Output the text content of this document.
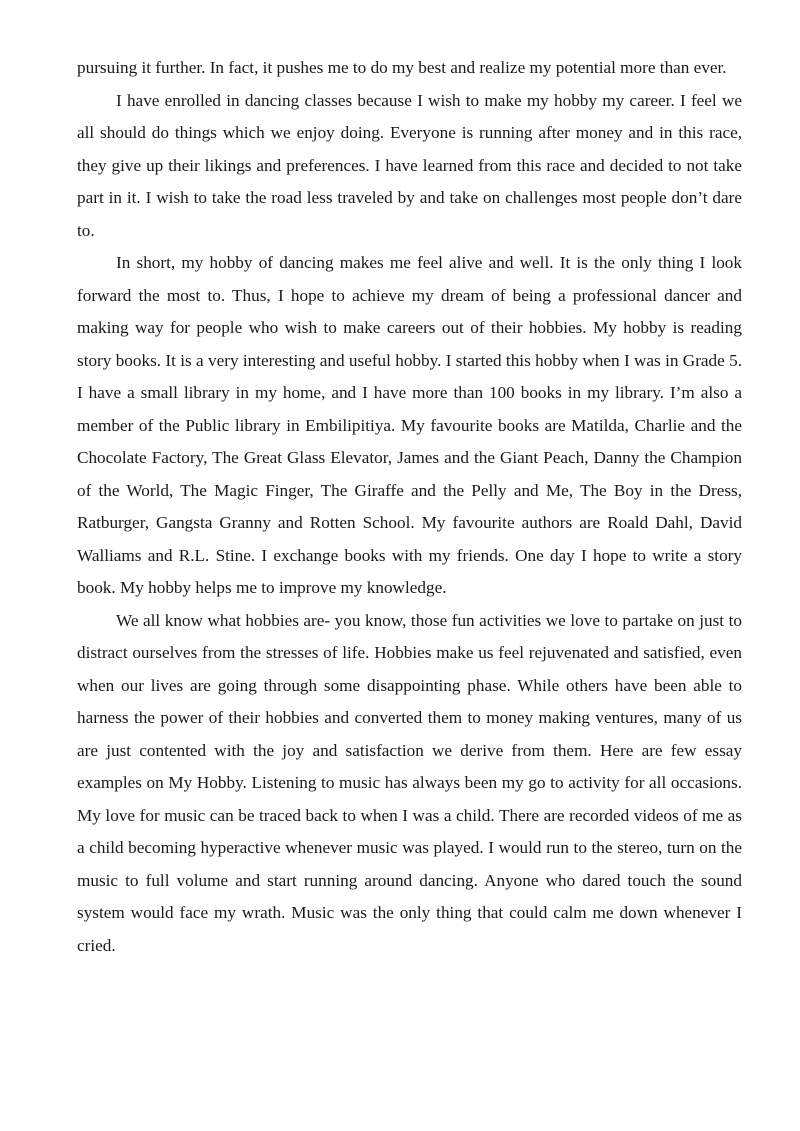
pursuing it further. In fact, it pushes me to do my best and realize my potential more than ever.

I have enrolled in dancing classes because I wish to make my hobby my career. I feel we all should do things which we enjoy doing. Everyone is running after money and in this race, they give up their likings and preferences. I have learned from this race and decided to not take part in it. I wish to take the road less traveled by and take on challenges most people don’t dare to.

In short, my hobby of dancing makes me feel alive and well. It is the only thing I look forward the most to. Thus, I hope to achieve my dream of being a professional dancer and making way for people who wish to make careers out of their hobbies. My hobby is reading story books. It is a very interesting and useful hobby. I started this hobby when I was in Grade 5. I have a small library in my home, and I have more than 100 books in my library. I’m also a member of the Public library in Embilipitiya. My favourite books are Matilda, Charlie and the Chocolate Factory, The Great Glass Elevator, James and the Giant Peach, Danny the Champion of the World, The Magic Finger, The Giraffe and the Pelly and Me, The Boy in the Dress, Ratburger, Gangsta Granny and Rotten School. My favourite authors are Roald Dahl, David Walliams and R.L. Stine. I exchange books with my friends. One day I hope to write a story book. My hobby helps me to improve my knowledge.

We all know what hobbies are- you know, those fun activities we love to partake on just to distract ourselves from the stresses of life. Hobbies make us feel rejuvenated and satisfied, even when our lives are going through some disappointing phase. While others have been able to harness the power of their hobbies and converted them to money making ventures, many of us are just contented with the joy and satisfaction we derive from them. Here are few essay examples on My Hobby. Listening to music has always been my go to activity for all occasions. My love for music can be traced back to when I was a child. There are recorded videos of me as a child becoming hyperactive whenever music was played. I would run to the stereo, turn on the music to full volume and start running around dancing. Anyone who dared touch the sound system would face my wrath. Music was the only thing that could calm me down whenever I cried.
